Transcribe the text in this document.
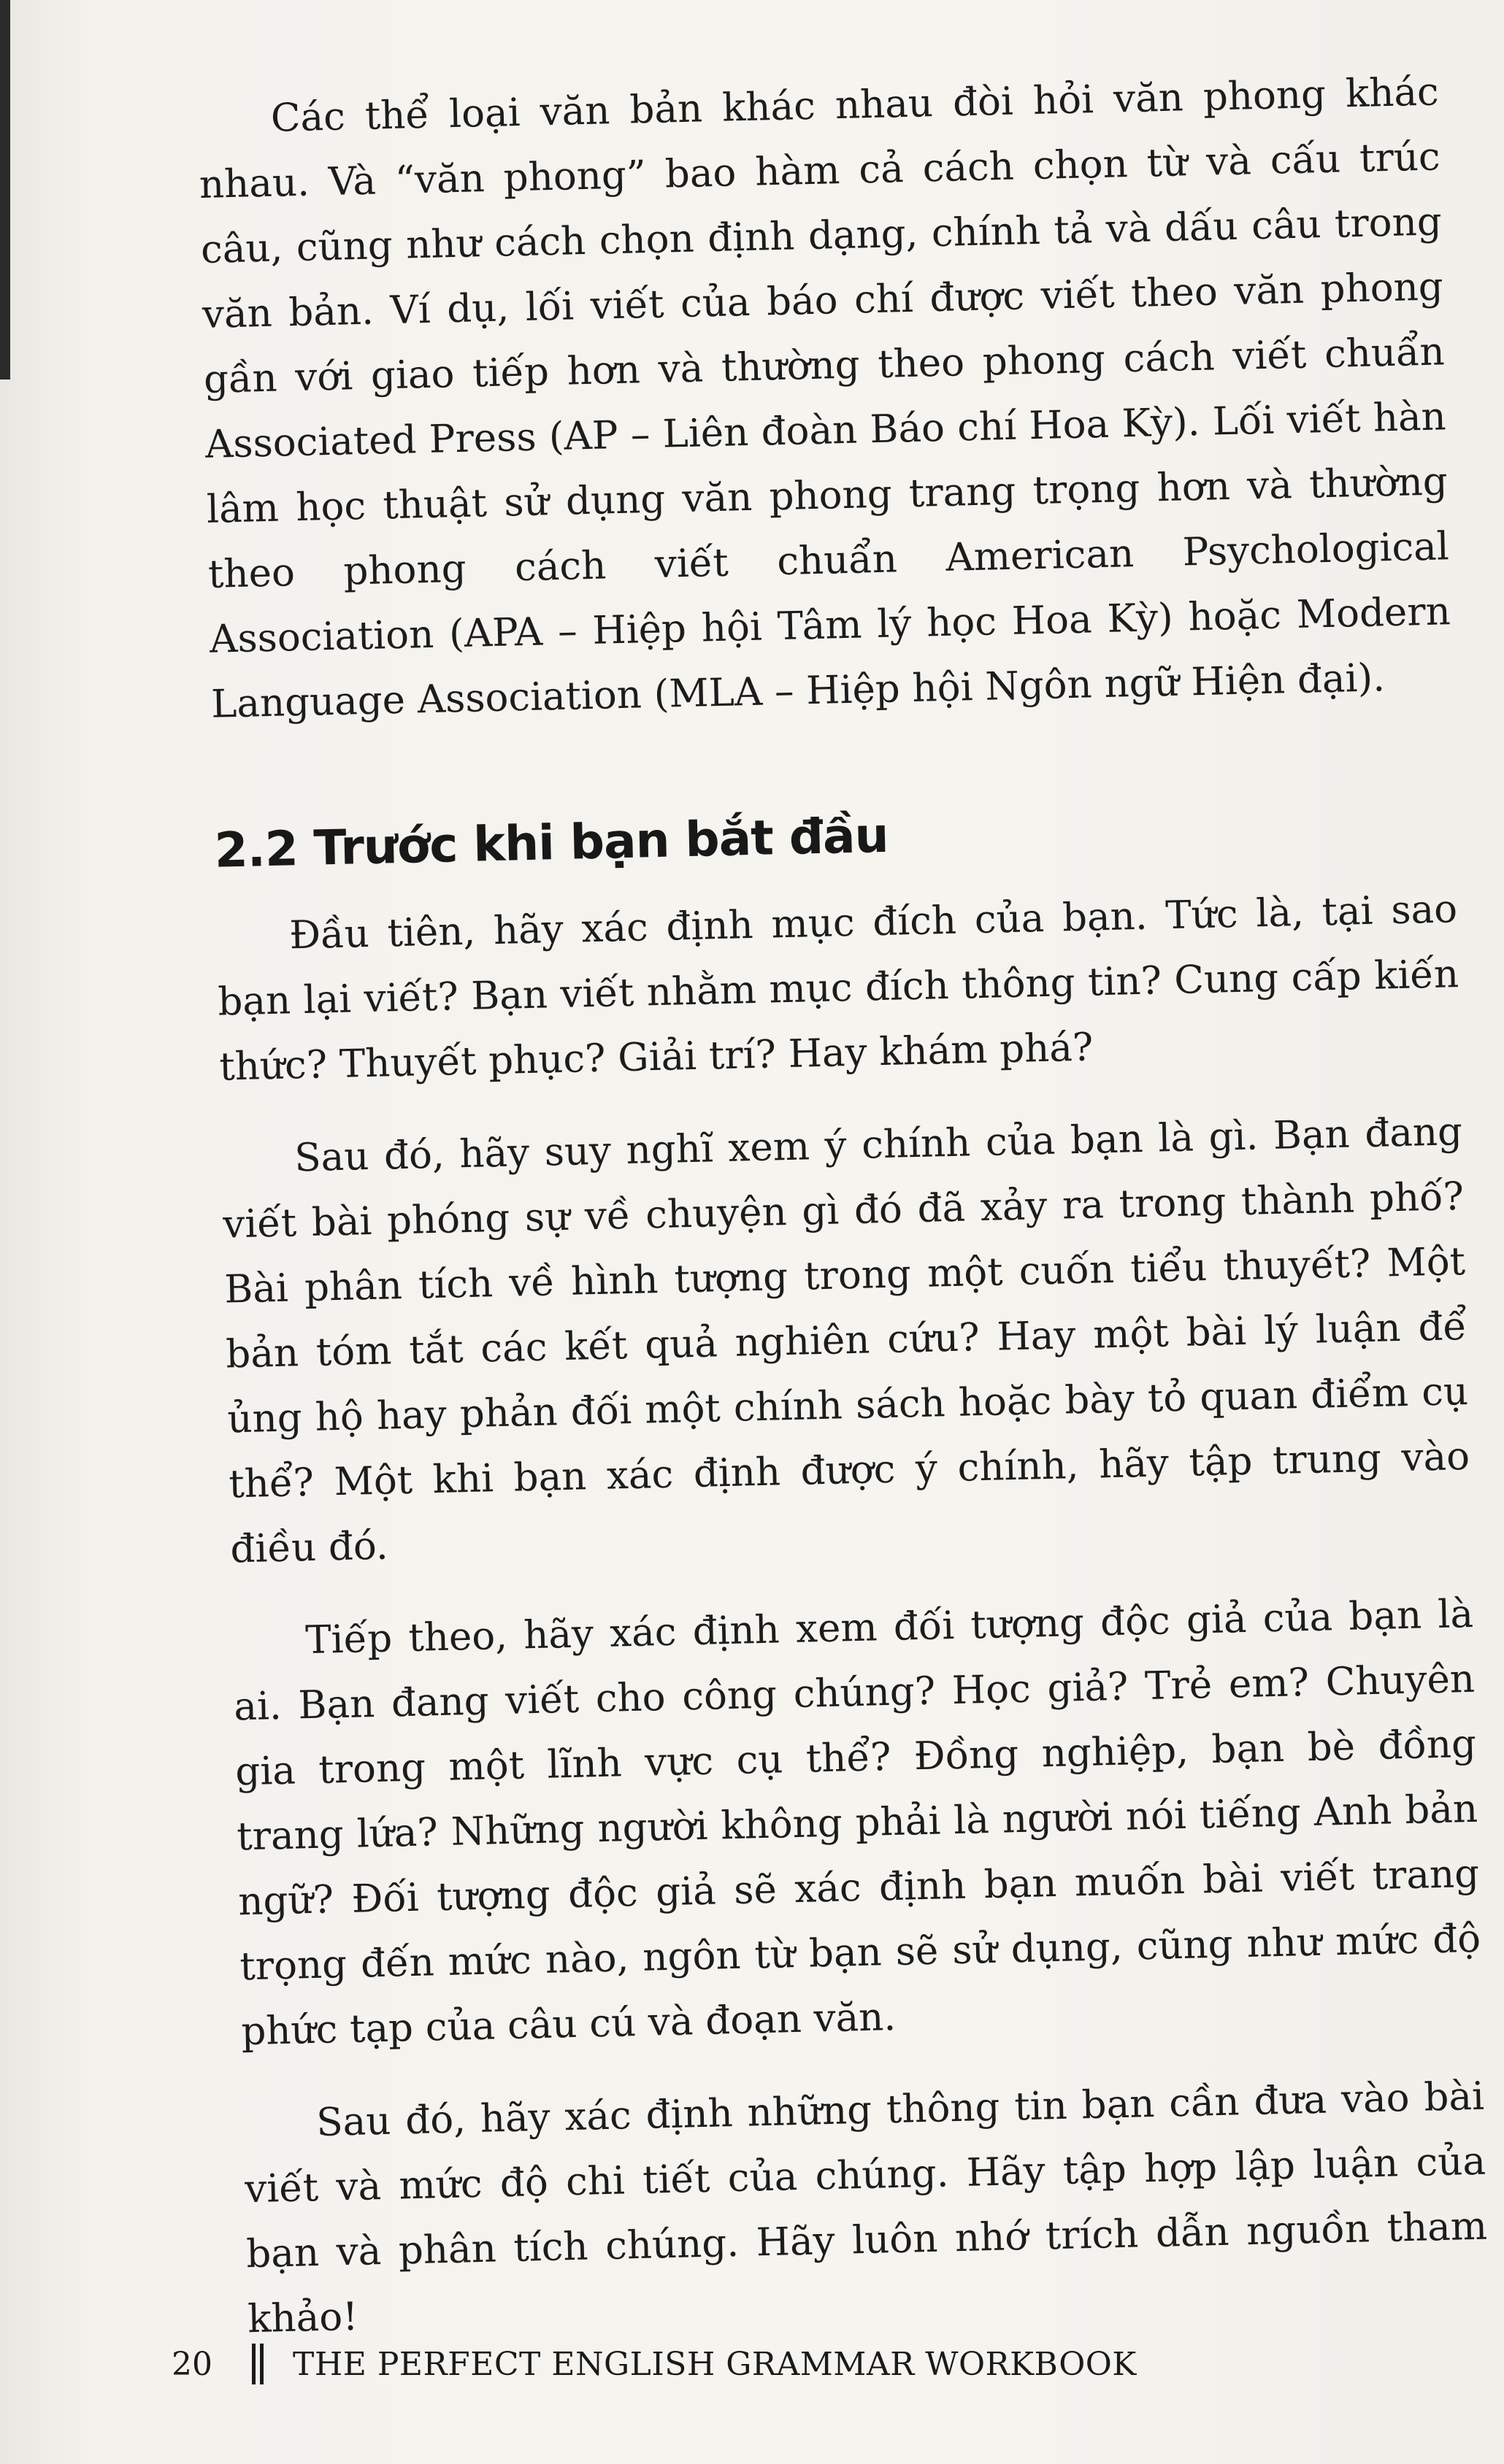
Các thể loại văn bản khác nhau đòi hỏi văn phong khác nhau. Và “văn phong” bao hàm cả cách chọn từ và cấu trúc câu, cũng như cách chọn định dạng, chính tả và dấu câu trong văn bản. Ví dụ, lối viết của báo chí được viết theo văn phong gần với giao tiếp hơn và thường theo phong cách viết chuẩn Associated Press (AP – Liên đoàn Báo chí Hoa Kỳ). Lối viết hàn lâm học thuật sử dụng văn phong trang trọng hơn và thường theo phong cách viết chuẩn American Psychological Association (APA – Hiệp hội Tâm lý học Hoa Kỳ) hoặc Modern Language Association (MLA – Hiệp hội Ngôn ngữ Hiện đại).

2.2 Trước khi bạn bắt đầu

Đầu tiên, hãy xác định mục đích của bạn. Tức là, tại sao bạn lại viết? Bạn viết nhằm mục đích thông tin? Cung cấp kiến thức? Thuyết phục? Giải trí? Hay khám phá?

Sau đó, hãy suy nghĩ xem ý chính của bạn là gì. Bạn đang viết bài phóng sự về chuyện gì đó đã xảy ra trong thành phố? Bài phân tích về hình tượng trong một cuốn tiểu thuyết? Một bản tóm tắt các kết quả nghiên cứu? Hay một bài lý luận để ủng hộ hay phản đối một chính sách hoặc bày tỏ quan điểm cụ thể? Một khi bạn xác định được ý chính, hãy tập trung vào điều đó.

Tiếp theo, hãy xác định xem đối tượng độc giả của bạn là ai. Bạn đang viết cho công chúng? Học giả? Trẻ em? Chuyên gia trong một lĩnh vực cụ thể? Đồng nghiệp, bạn bè đồng trang lứa? Những người không phải là người nói tiếng Anh bản ngữ? Đối tượng độc giả sẽ xác định bạn muốn bài viết trang trọng đến mức nào, ngôn từ bạn sẽ sử dụng, cũng như mức độ phức tạp của câu cú và đoạn văn.

Sau đó, hãy xác định những thông tin bạn cần đưa vào bài viết và mức độ chi tiết của chúng. Hãy tập hợp lập luận của bạn và phân tích chúng. Hãy luôn nhớ trích dẫn nguồn tham khảo!

20	THE PERFECT ENGLISH GRAMMAR WORKBOOK
